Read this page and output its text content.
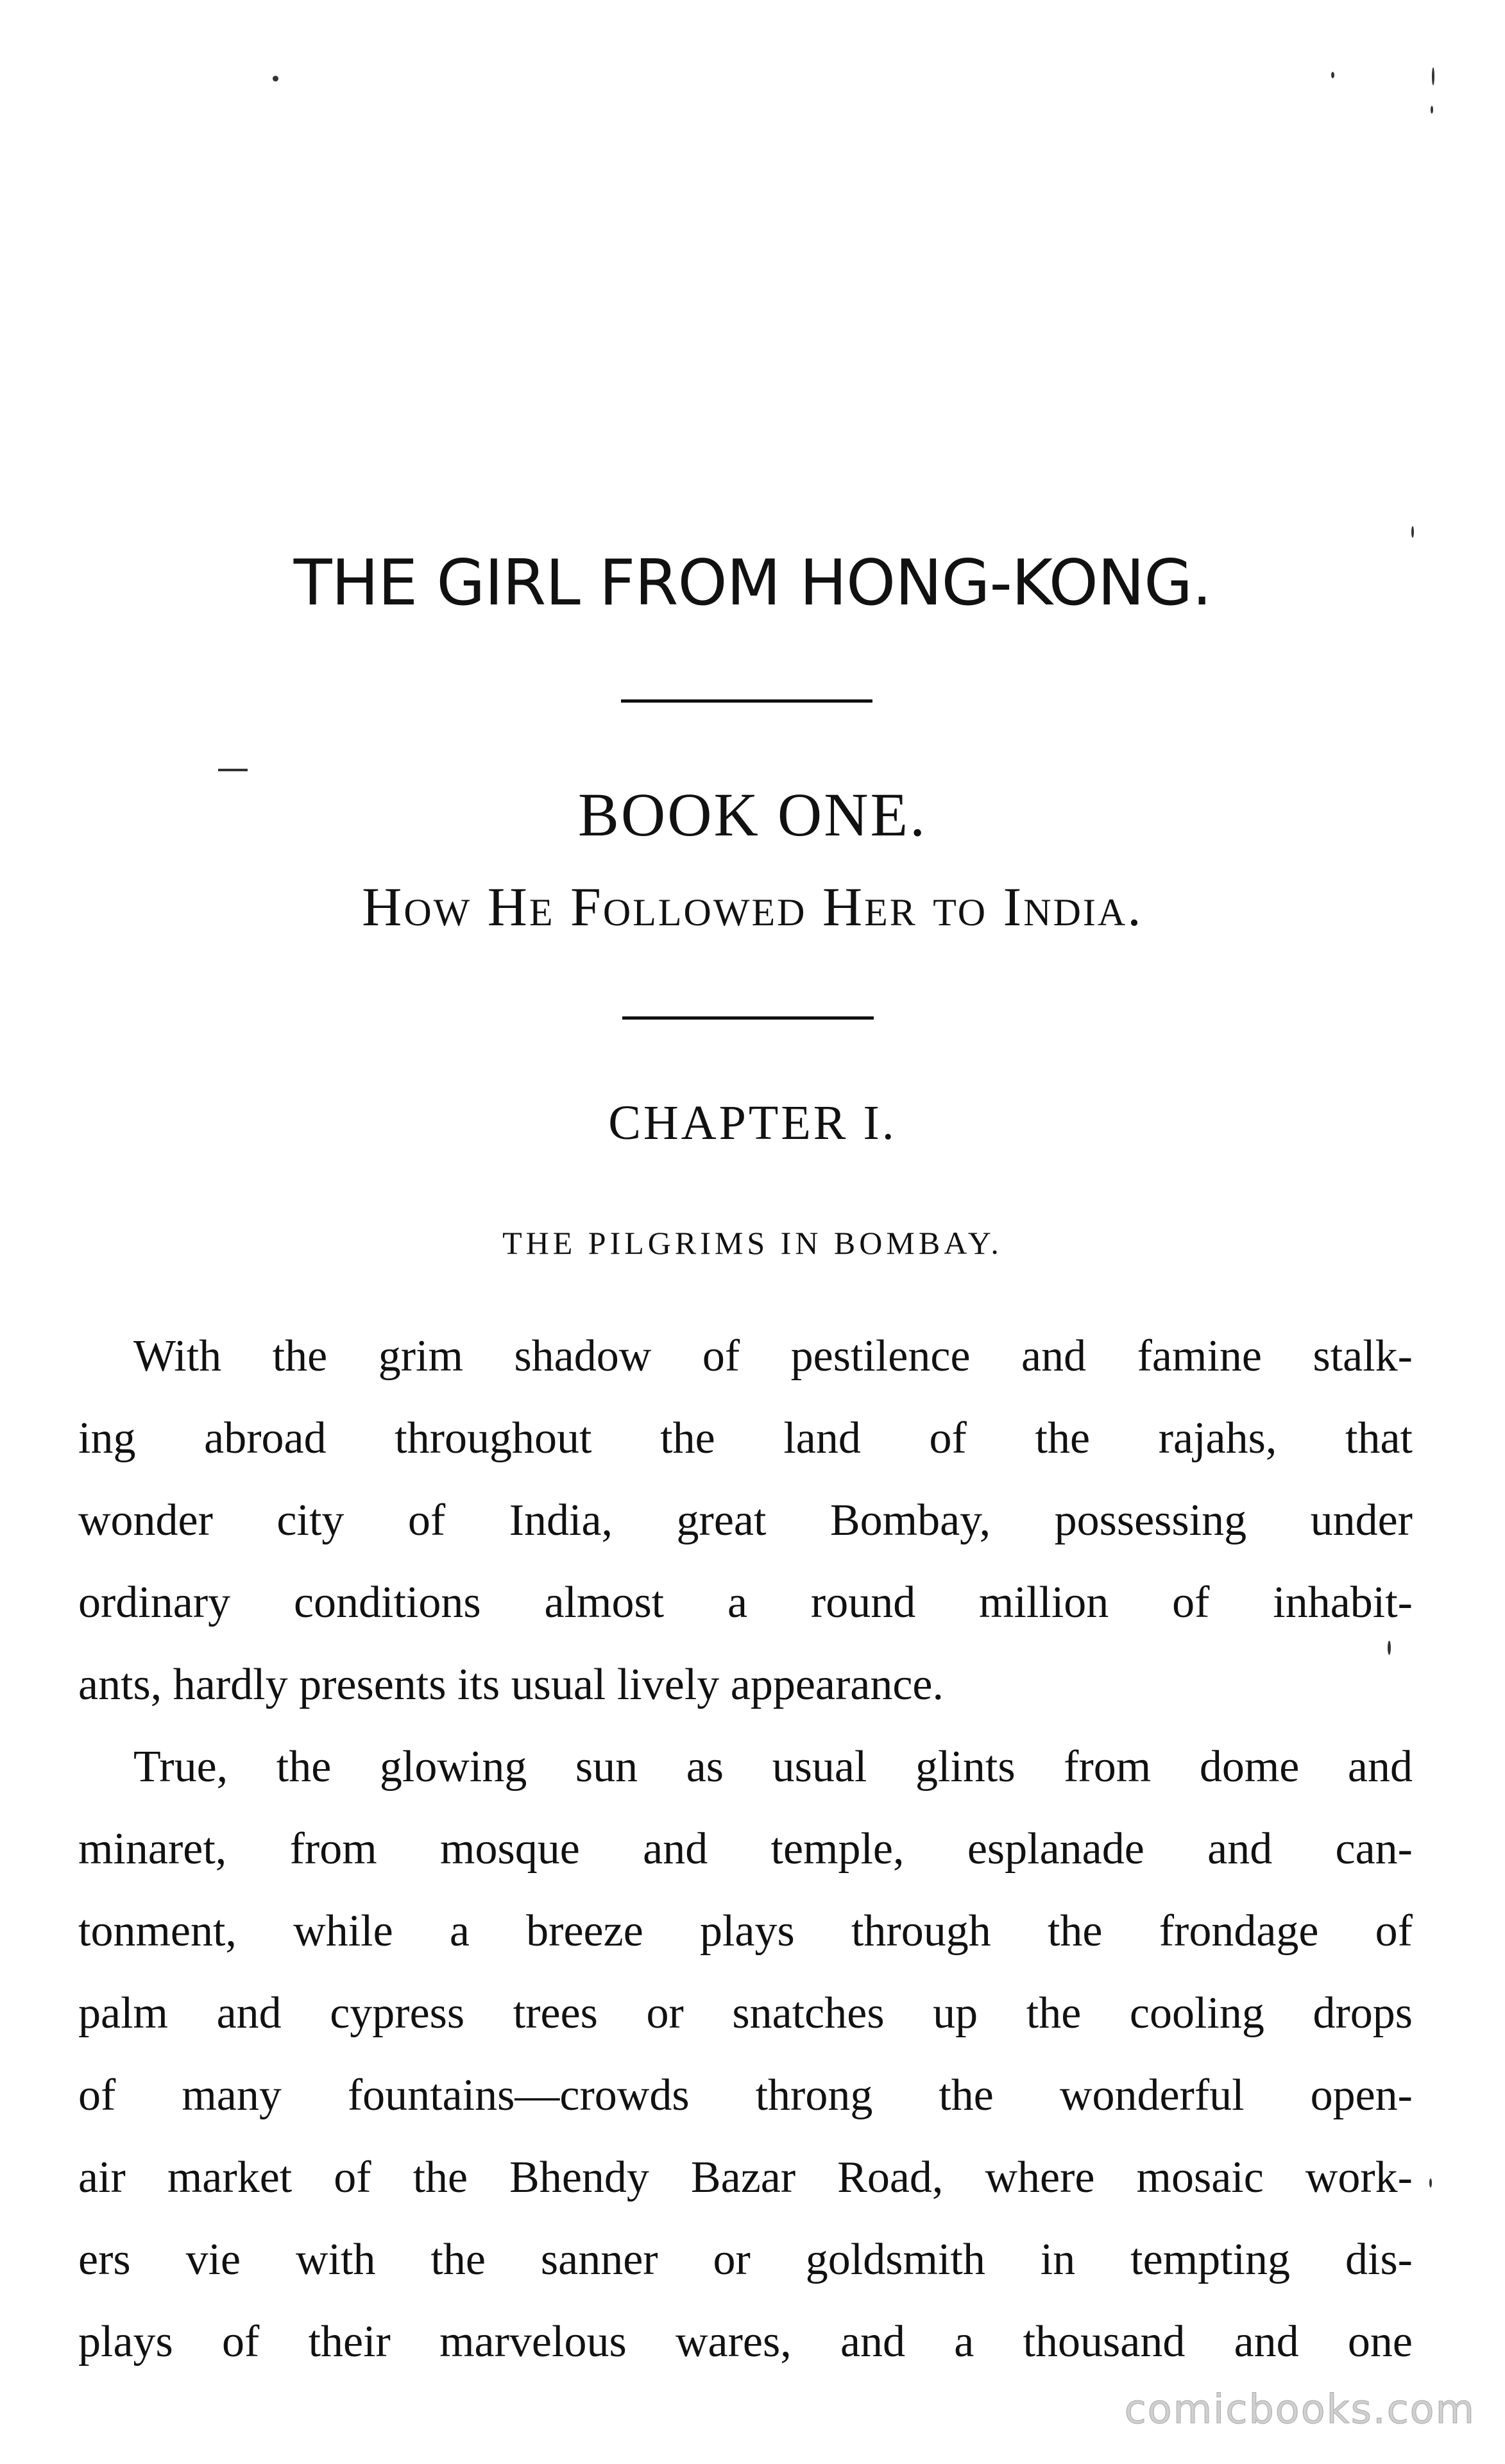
THE GIRL FROM HONG-KONG.
BOOK ONE.
How He Followed Her to India.
CHAPTER I.
THE PILGRIMS IN BOMBAY.
With the grim shadow of pestilence and famine stalk-
ing abroad throughout the land of the rajahs, that
wonder city of India, great Bombay, possessing under
ordinary conditions almost a round million of inhabit-
ants, hardly presents its usual lively appearance.
True, the glowing sun as usual glints from dome and
minaret, from mosque and temple, esplanade and can-
tonment, while a breeze plays through the frondage of
palm and cypress trees or snatches up the cooling drops
of many fountains—crowds throng the wonderful open-
air market of the Bhendy Bazar Road, where mosaic work-
ers vie with the sanner or goldsmith in tempting dis-
plays of their marvelous wares, and a thousand and one
comicbooks.com
